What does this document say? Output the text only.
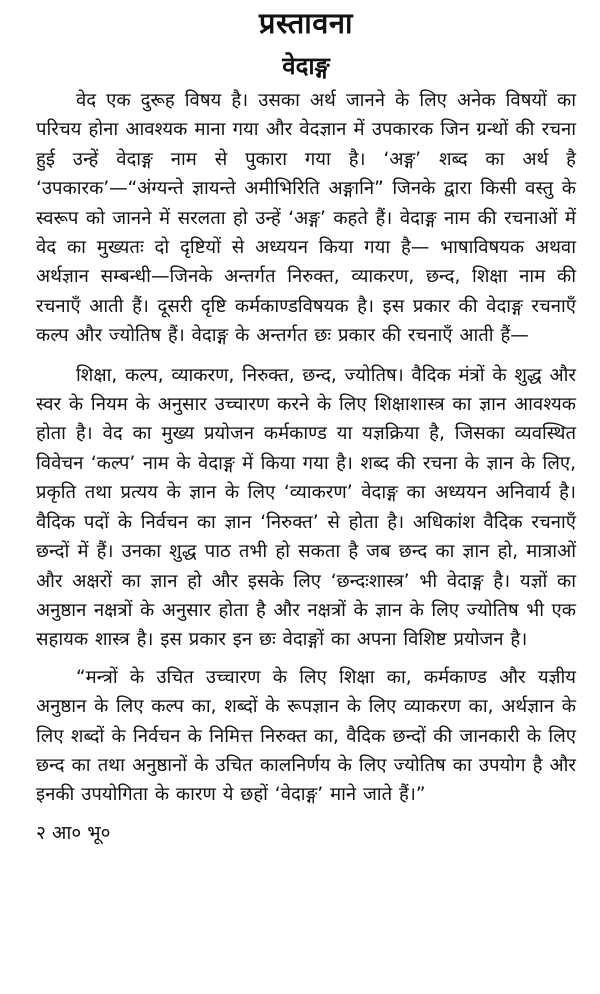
प्रस्तावना
वेदाङ्ग

वेद एक दुरूह विषय है। उसका अर्थ जानने के लिए अनेक विषयों का परिचय होना आवश्यक माना गया और वेदज्ञान में उपकारक जिन ग्रन्थों की रचना हुई उन्हें वेदाङ्ग नाम से पुकारा गया है। ‘अङ्ग’ शब्द का अर्थ है ‘उपकारक’—“अंग्यन्ते ज्ञायन्ते अमीभिरिति अङ्गानि” जिनके द्वारा किसी वस्तु के स्वरूप को जानने में सरलता हो उन्हें ‘अङ्ग’ कहते हैं। वेदाङ्ग नाम की रचनाओं में वेद का मुख्यतः दो दृष्टियों से अध्ययन किया गया है— भाषाविषयक अथवा अर्थज्ञान सम्बन्धी—जिनके अन्तर्गत निरुक्त, व्याकरण, छन्द, शिक्षा नाम की रचनाएँ आती हैं। दूसरी दृष्टि कर्मकाण्डविषयक है। इस प्रकार की वेदाङ्ग रचनाएँ कल्प और ज्योतिष हैं। वेदाङ्ग के अन्तर्गत छः प्रकार की रचनाएँ आती हैं—

शिक्षा, कल्प, व्याकरण, निरुक्त, छन्द, ज्योतिष। वैदिक मंत्रों के शुद्ध और स्वर के नियम के अनुसार उच्चारण करने के लिए शिक्षाशास्त्र का ज्ञान आवश्यक होता है। वेद का मुख्य प्रयोजन कर्मकाण्ड या यज्ञक्रिया है, जिसका व्यवस्थित विवेचन ‘कल्प’ नाम के वेदाङ्ग में किया गया है। शब्द की रचना के ज्ञान के लिए, प्रकृति तथा प्रत्यय के ज्ञान के लिए ‘व्याकरण’ वेदाङ्ग का अध्ययन अनिवार्य है। वैदिक पदों के निर्वचन का ज्ञान ‘निरुक्त’ से होता है। अधिकांश वैदिक रचनाएँ छन्दों में हैं। उनका शुद्ध पाठ तभी हो सकता है जब छन्द का ज्ञान हो, मात्राओं और अक्षरों का ज्ञान हो और इसके लिए ‘छन्दःशास्त्र’ भी वेदाङ्ग है। यज्ञों का अनुष्ठान नक्षत्रों के अनुसार होता है और नक्षत्रों के ज्ञान के लिए ज्योतिष भी एक सहायक शास्त्र है। इस प्रकार इन छः वेदाङ्गों का अपना विशिष्ट प्रयोजन है।

“मन्त्रों के उचित उच्चारण के लिए शिक्षा का, कर्मकाण्ड और यज्ञीय अनुष्ठान के लिए कल्प का, शब्दों के रूपज्ञान के लिए व्याकरण का, अर्थज्ञान के लिए शब्दों के निर्वचन के निमित्त निरुक्त का, वैदिक छन्दों की जानकारी के लिए छन्द का तथा अनुष्ठानों के उचित कालनिर्णय के लिए ज्योतिष का उपयोग है और इनकी उपयोगिता के कारण ये छहों ‘वेदाङ्ग’ माने जाते हैं।”

२ आ० भू०
